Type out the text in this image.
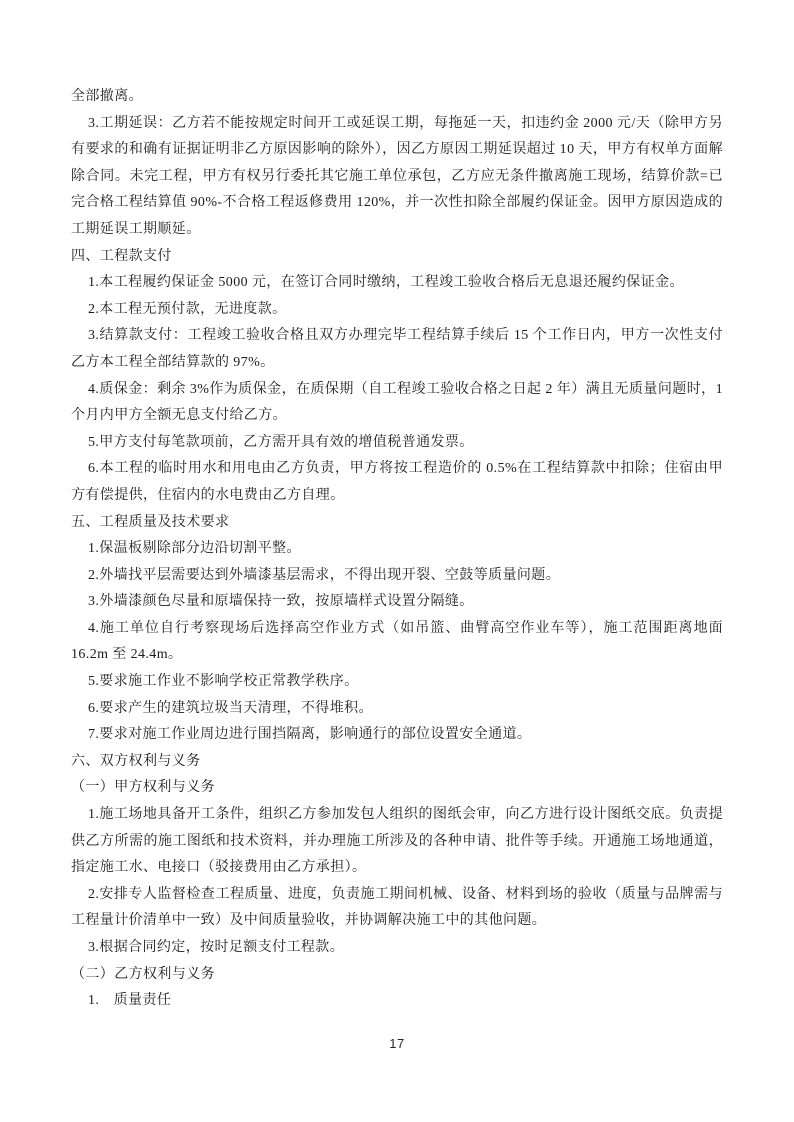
全部撤离。

3.工期延误：乙方若不能按规定时间开工或延误工期，每拖延一天，扣违约金 2000 元/天（除甲方另有要求的和确有证据证明非乙方原因影响的除外），因乙方原因工期延误超过 10 天，甲方有权单方面解除合同。未完工程，甲方有权另行委托其它施工单位承包，乙方应无条件撤离施工现场，结算价款=已完合格工程结算值 90%-不合格工程返修费用 120%，并一次性扣除全部履约保证金。因甲方原因造成的工期延误工期顺延。

四、工程款支付

1.本工程履约保证金 5000 元，在签订合同时缴纳，工程竣工验收合格后无息退还履约保证金。

2.本工程无预付款，无进度款。

3.结算款支付：工程竣工验收合格且双方办理完毕工程结算手续后 15 个工作日内，甲方一次性支付乙方本工程全部结算款的 97%。

4.质保金：剩余 3%作为质保金，在质保期（自工程竣工验收合格之日起 2 年）满且无质量问题时，1 个月内甲方全额无息支付给乙方。

5.甲方支付每笔款项前，乙方需开具有效的增值税普通发票。

6.本工程的临时用水和用电由乙方负责，甲方将按工程造价的 0.5%在工程结算款中扣除；住宿由甲方有偿提供，住宿内的水电费由乙方自理。

五、工程质量及技术要求

1.保温板剔除部分边沿切割平整。

2.外墙找平层需要达到外墙漆基层需求，不得出现开裂、空鼓等质量问题。

3.外墙漆颜色尽量和原墙保持一致，按原墙样式设置分隔缝。

4.施工单位自行考察现场后选择高空作业方式（如吊篮、曲臂高空作业车等），施工范围距离地面 16.2m 至 24.4m。

5.要求施工作业不影响学校正常教学秩序。

6.要求产生的建筑垃圾当天清理，不得堆积。

7.要求对施工作业周边进行围挡隔离，影响通行的部位设置安全通道。

六、双方权利与义务

（一）甲方权利与义务

1.施工场地具备开工条件，组织乙方参加发包人组织的图纸会审，向乙方进行设计图纸交底。负责提供乙方所需的施工图纸和技术资料，并办理施工所涉及的各种申请、批件等手续。开通施工场地通道，指定施工水、电接口（驳接费用由乙方承担）。

2.安排专人监督检查工程质量、进度，负责施工期间机械、设备、材料到场的验收（质量与品牌需与工程量计价清单中一致）及中间质量验收，并协调解决施工中的其他问题。

3.根据合同约定，按时足额支付工程款。

（二）乙方权利与义务

1.　质量责任

17
